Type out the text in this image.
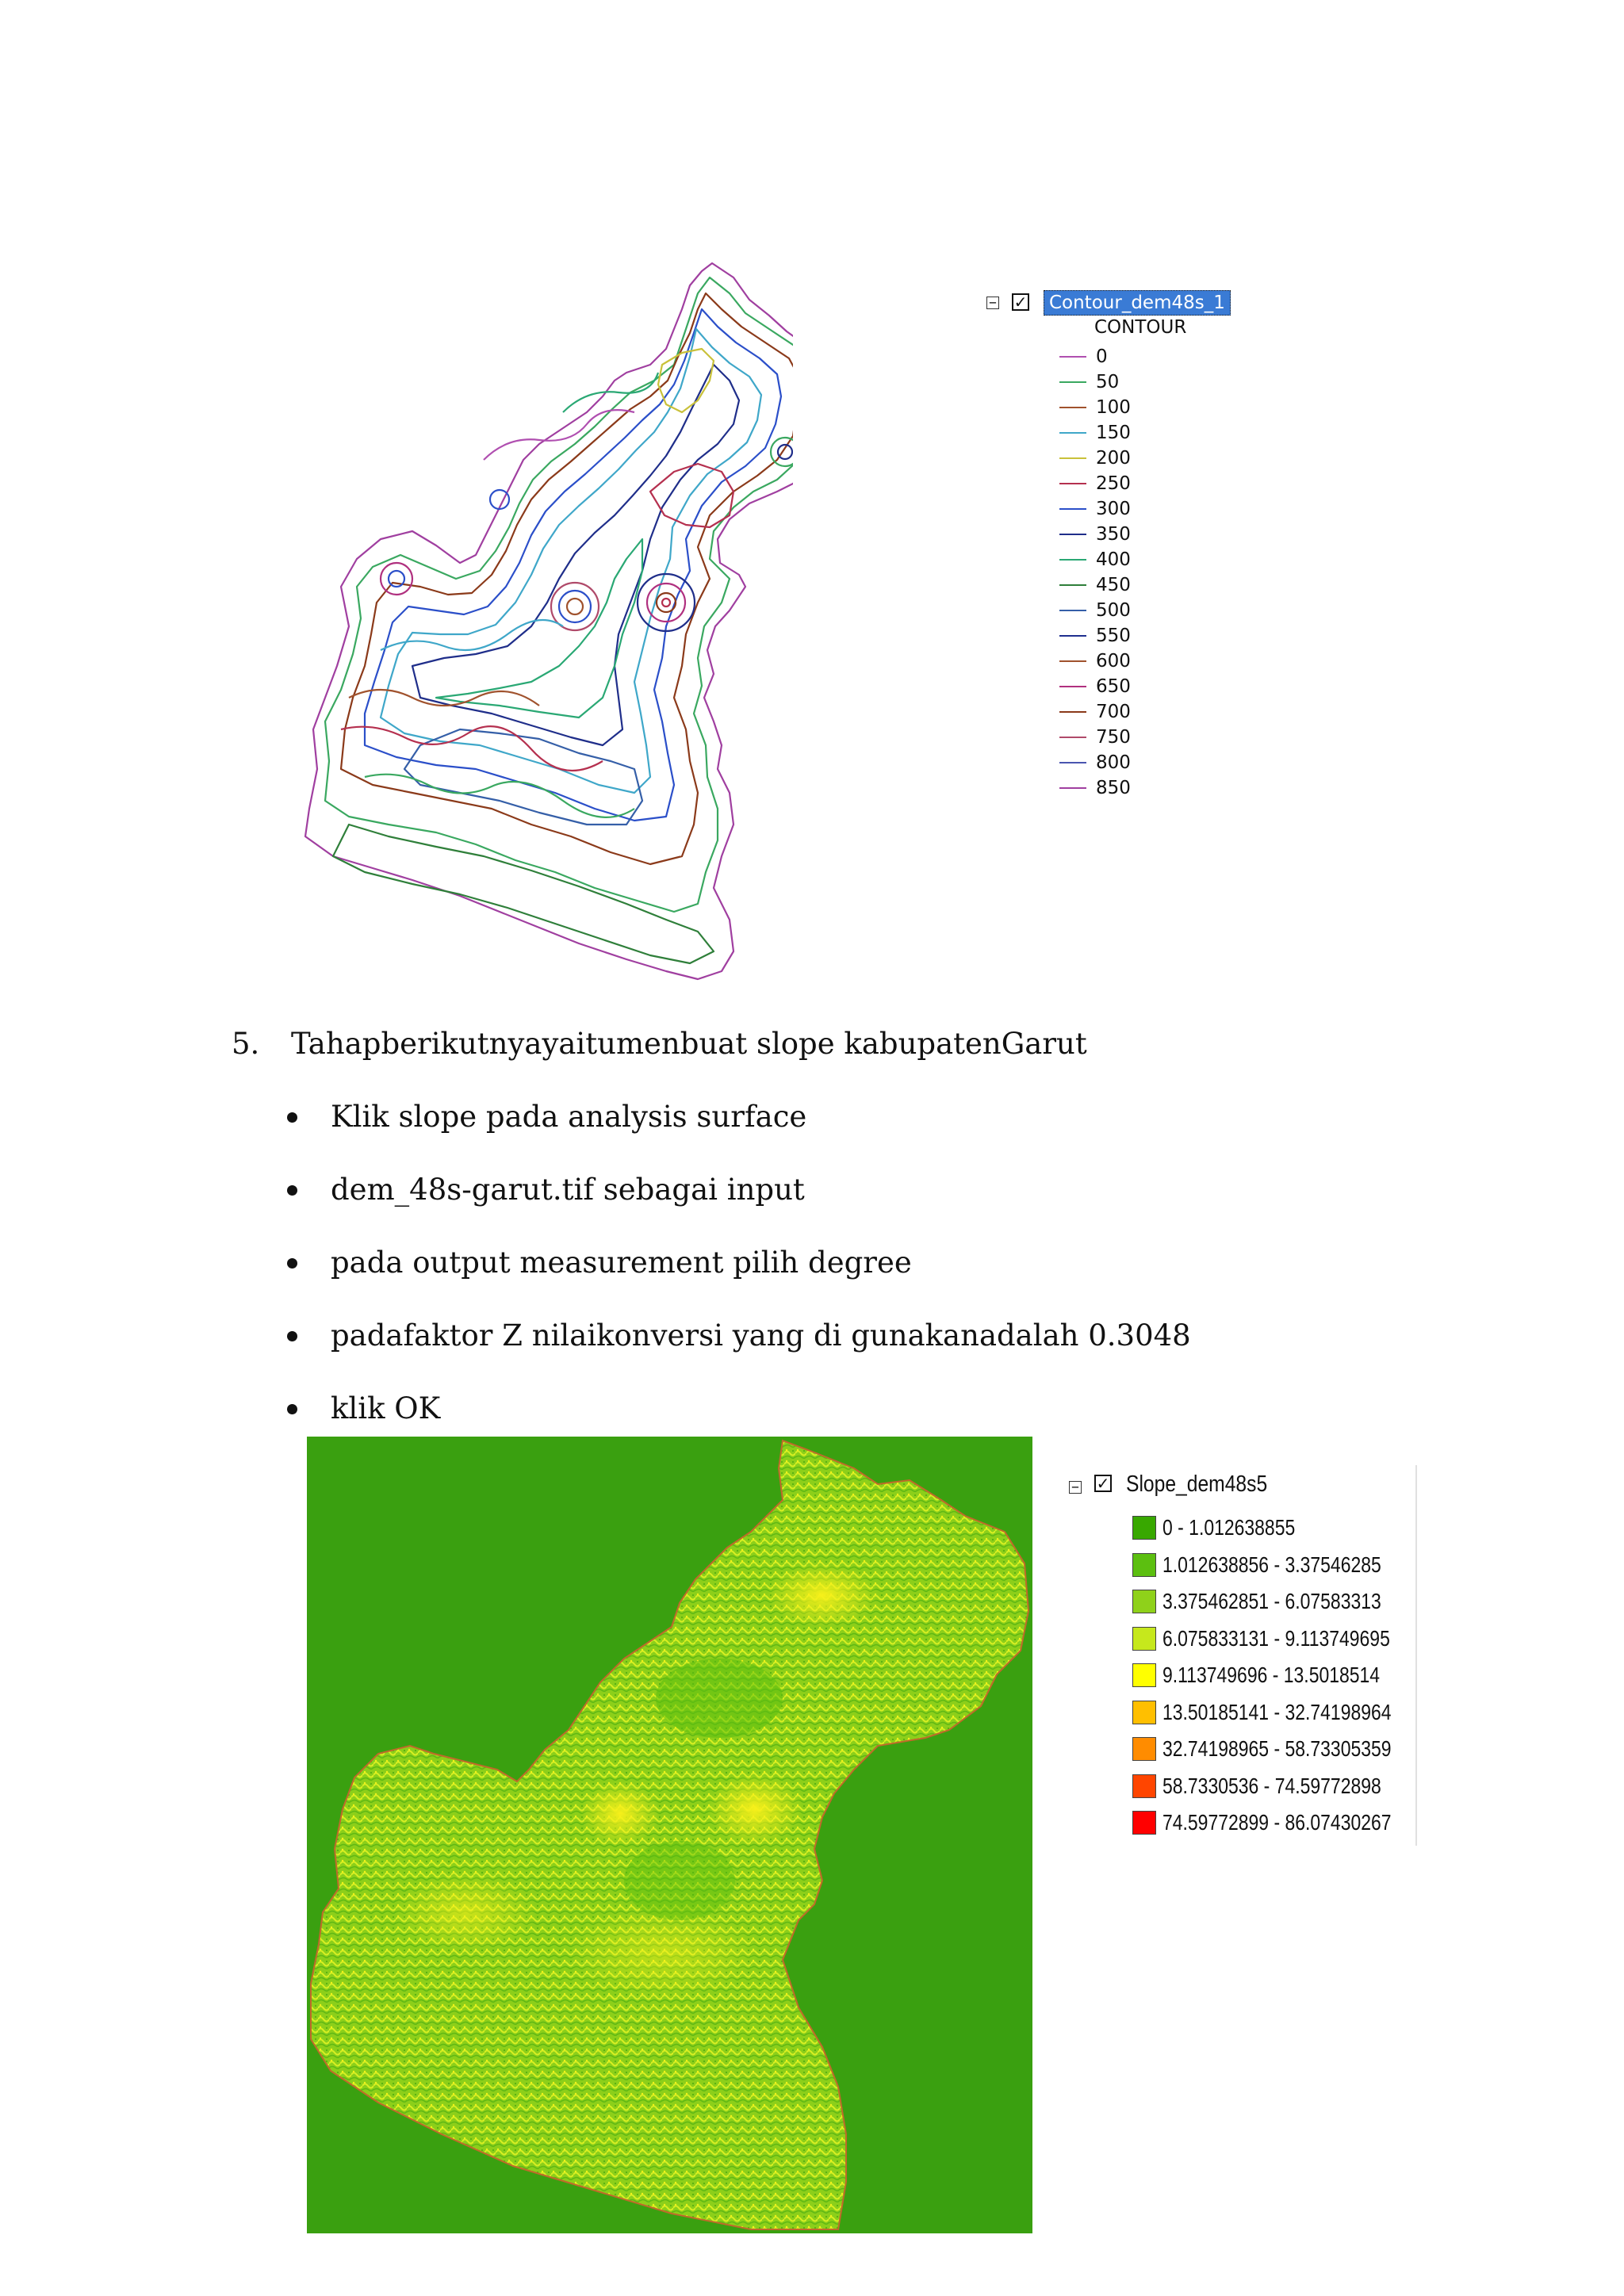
− ✓	Contour_dem48s_1
CONTOUR
0
50
100
150
200
250
300
350
400
450
500
550
600
650
700
750
800
850
5. Tahapberikutnyayaitumenbuat slope kabupatenGarut
Klik slope pada analysis surface
dem_48s-garut.tif sebagai input
pada output measurement pilih degree
padafaktor Z nilaikonversi yang di gunakanadalah 0.3048
klik OK
− ✓ Slope_dem48s5
0 - 1.012638855
1.012638856 - 3.37546285
3.375462851 - 6.07583313
6.075833131 - 9.113749695
9.113749696 - 13.5018514
13.50185141 - 32.74198964
32.74198965 - 58.73305359
58.7330536 - 74.59772898
74.59772899 - 86.07430267
